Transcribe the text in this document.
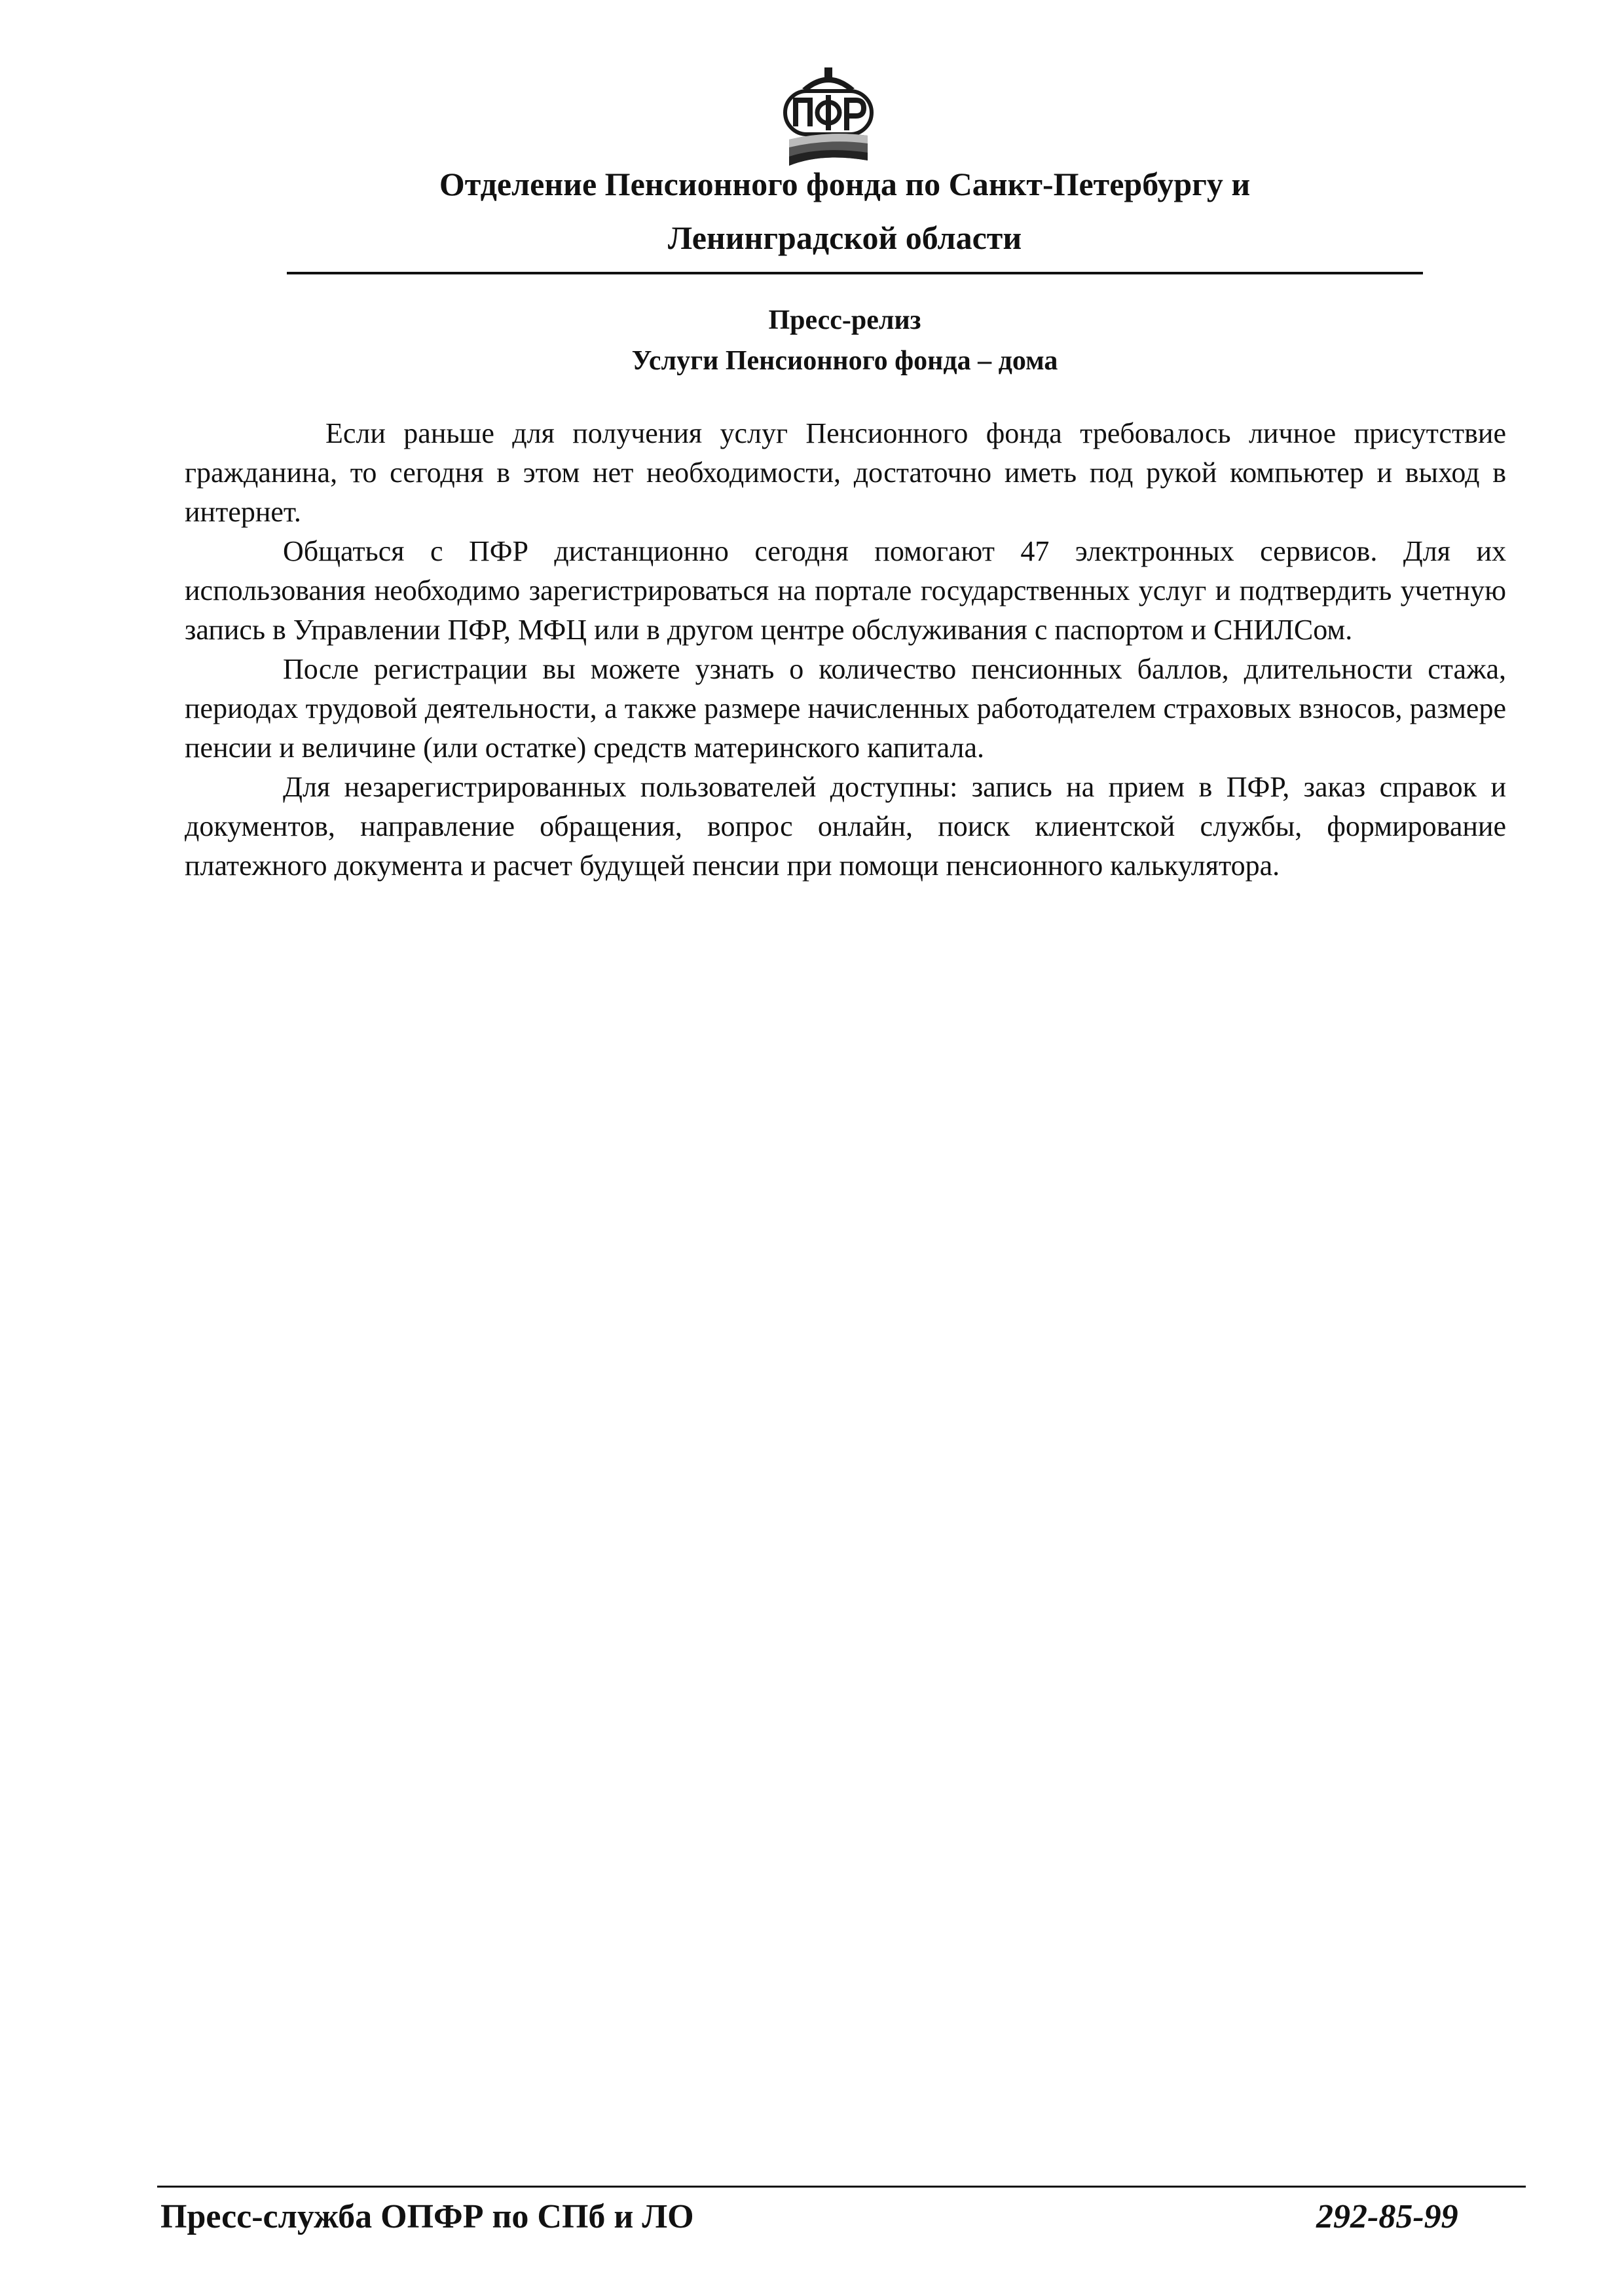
Отделение Пенсионного фонда по Санкт-Петербургу и
Ленинградской области
Пресс-релиз
Услуги Пенсионного фонда – дома

Если раньше для получения услуг Пенсионного фонда требовалось личное присутствие гражданина, то сегодня в этом нет необходимости, достаточно иметь под рукой компьютер и выход в интернет.

Общаться с ПФР дистанционно сегодня помогают 47 электронных сервисов. Для их использования необходимо зарегистрироваться на портале государственных услуг и подтвердить учетную запись в Управлении ПФР, МФЦ или в другом центре обслуживания с паспортом и СНИЛСом.

После регистрации вы можете узнать о количество пенсионных баллов, длительности стажа, периодах трудовой деятельности, а также размере начисленных работодателем страховых взносов, размере пенсии и величине (или остатке) средств материнского капитала.

Для незарегистрированных пользователей доступны: запись на прием в ПФР, заказ справок и документов, направление обращения, вопрос онлайн, поиск клиентской службы, формирование платежного документа и расчет будущей пенсии при помощи пенсионного калькулятора.

Пресс-служба ОПФР по СПб и ЛО	292-85-99
